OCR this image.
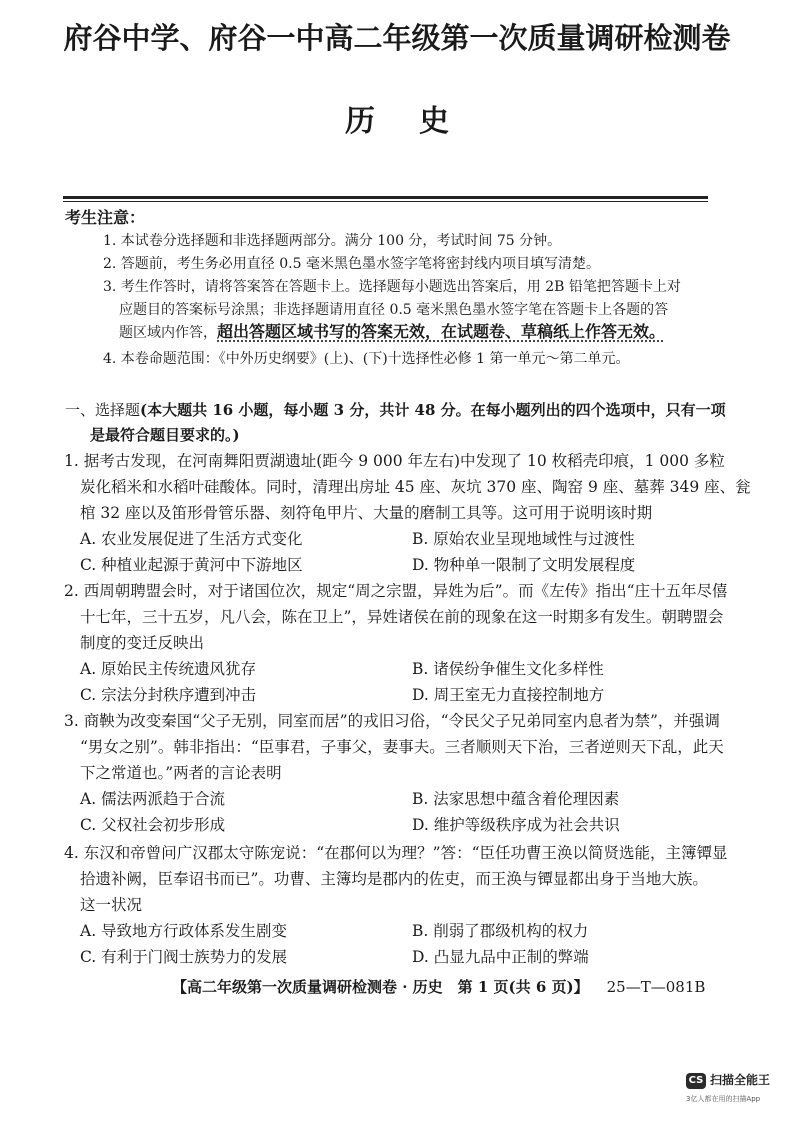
府谷中学、府谷一中高二年级第一次质量调研检测卷
历史
考生注意：
1. 本试卷分选择题和非选择题两部分。满分 100 分，考试时间 75 分钟。
2. 答题前，考生务必用直径 0.5 毫米黑色墨水签字笔将密封线内项目填写清楚。
3. 考生作答时，请将答案答在答题卡上。选择题每小题选出答案后，用 2B 铅笔把答题卡上对
应题目的答案标号涂黑；非选择题请用直径 0.5 毫米黑色墨水签字笔在答题卡上各题的答
题区域内作答，超出答题区域书写的答案无效，在试题卷、草稿纸上作答无效。
4. 本卷命题范围：《中外历史纲要》(上)、(下)十选择性必修 1 第一单元～第二单元。
一、选择题(本大题共 16 小题，每小题 3 分，共计 48 分。在每小题列出的四个选项中，只有一项
是最符合题目要求的。)
1. 据考古发现，在河南舞阳贾湖遗址(距今 9 000 年左右)中发现了 10 枚稻壳印痕，1 000 多粒
炭化稻米和水稻叶硅酸体。同时，清理出房址 45 座、灰坑 370 座、陶窑 9 座、墓葬 349 座、瓮
棺 32 座以及笛形骨管乐器、刻符龟甲片、大量的磨制工具等。这可用于说明该时期
A. 农业发展促进了生活方式变化	B. 原始农业呈现地域性与过渡性
C. 种植业起源于黄河中下游地区	D. 物种单一限制了文明发展程度
2. 西周朝聘盟会时，对于诸国位次，规定“周之宗盟，异姓为后”。而《左传》指出“庄十五年尽僖
十七年，三十五岁，凡八会，陈在卫上”，异姓诸侯在前的现象在这一时期多有发生。朝聘盟会
制度的变迁反映出
A. 原始民主传统遗风犹存	B. 诸侯纷争催生文化多样性
C. 宗法分封秩序遭到冲击	D. 周王室无力直接控制地方
3. 商鞅为改变秦国“父子无别，同室而居”的戎旧习俗，“令民父子兄弟同室内息者为禁”，并强调
“男女之别”。韩非指出：“臣事君，子事父，妻事夫。三者顺则天下治，三者逆则天下乱，此天
下之常道也。”两者的言论表明
A. 儒法两派趋于合流	B. 法家思想中蕴含着伦理因素
C. 父权社会初步形成	D. 维护等级秩序成为社会共识
4. 东汉和帝曾问广汉郡太守陈宠说：“在郡何以为理？”答：“臣任功曹王涣以简贤选能，主簿镡显
拾遗补阙，臣奉诏书而已”。功曹、主簿均是郡内的佐吏，而王涣与镡显都出身于当地大族。
这一状况
A. 导致地方行政体系发生剧变	B. 削弱了郡级机构的权力
C. 有利于门阀士族势力的发展	D. 凸显九品中正制的弊端
【高二年级第一次质量调研检测卷 · 历史　第 1 页(共 6 页)】 25—T—081B
CS 扫描全能王
3亿人都在用的扫描App
